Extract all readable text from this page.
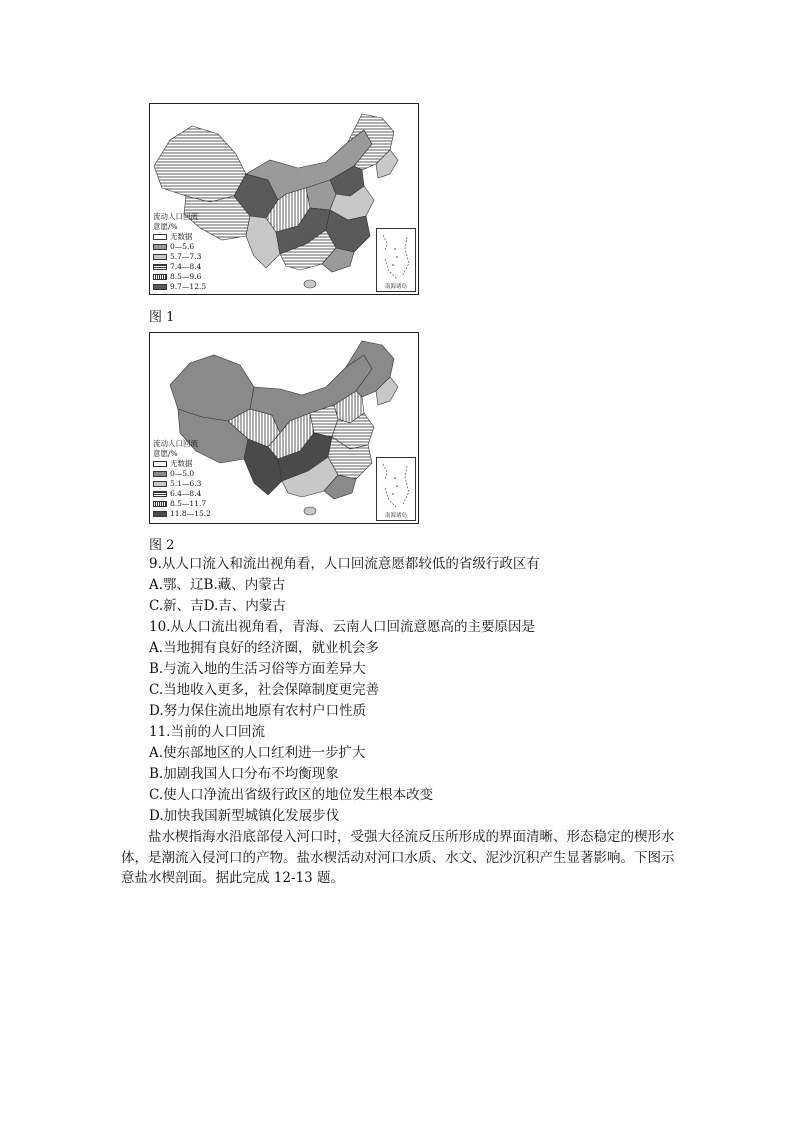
流动人口回流意愿/%
无数据
0—5.6
5.7—7.3
7.4—8.4
8.5—9.6
9.7—12.5	南海诸岛
图 1
流动人口回流意愿/%
无数据
0—5.0
5.1—6.3
6.4—8.4
8.5—11.7
11.8—15.2	南海诸岛
图 2
9.从人口流入和流出视角看，人口回流意愿都较低的省级行政区有
A.鄂、辽B.藏、内蒙古
C.新、吉D.吉、内蒙古
10.从人口流出视角看，青海、云南人口回流意愿高的主要原因是
A.当地拥有良好的经济圈，就业机会多
B.与流入地的生活习俗等方面差异大
C.当地收入更多，社会保障制度更完善
D.努力保住流出地原有农村户口性质
11.当前的人口回流
A.使东部地区的人口红利进一步扩大
B.加剧我国人口分布不均衡现象
C.使人口净流出省级行政区的地位发生根本改变
D.加快我国新型城镇化发展步伐
盐水楔指海水沿底部侵入河口时，受强大径流反压所形成的界面清晰、形态稳定的楔形水体，是潮流入侵河口的产物。盐水楔活动对河口水质、水文、泥沙沉积产生显著影响。下图示意盐水楔剖面。据此完成 12-13 题。
